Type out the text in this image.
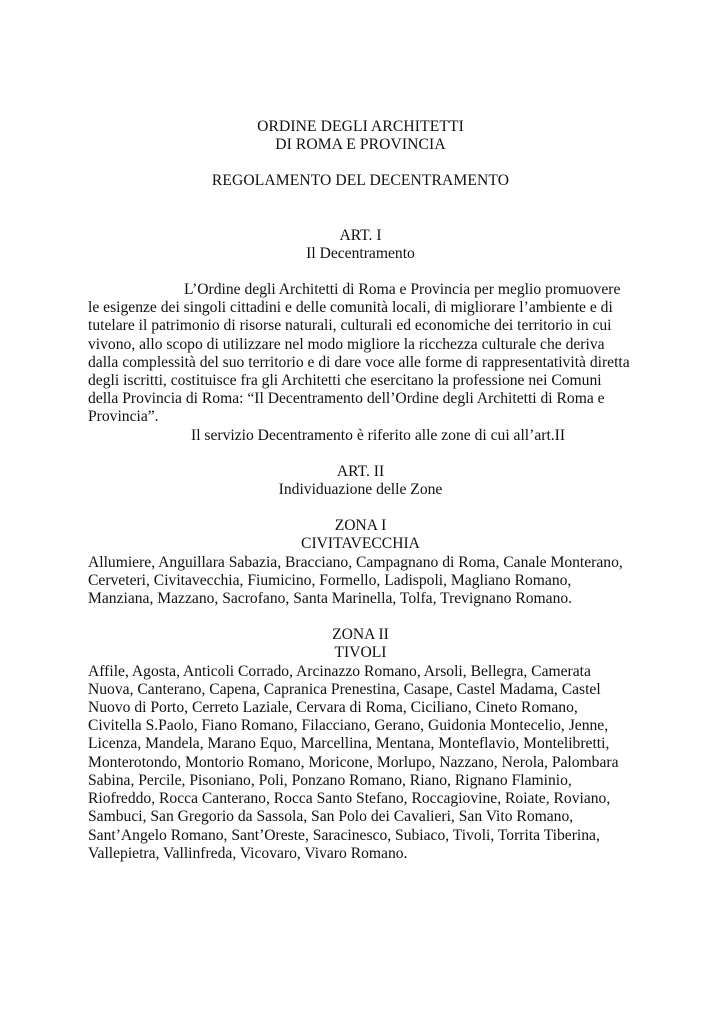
ORDINE DEGLI ARCHITETTI

DI ROMA E PROVINCIA

REGOLAMENTO DEL DECENTRAMENTO

ART. I

Il Decentramento

L’Ordine degli Architetti di Roma e Provincia per meglio promuovere le esigenze dei singoli cittadini e delle comunità locali, di migliorare l’ambiente e di tutelare il patrimonio di risorse naturali, culturali ed economiche dei territorio in cui vivono, allo scopo di utilizzare nel modo migliore la ricchezza culturale che deriva dalla complessità del suo territorio e di dare voce alle forme di rappresentatività diretta degli iscritti, costituisce fra gli Architetti che esercitano la professione nei Comuni della Provincia di Roma: “Il Decentramento dell’Ordine degli Architetti di Roma e Provincia”.

Il servizio Decentramento è riferito alle zone di cui all’art.II

ART. II

Individuazione delle Zone

ZONA I

CIVITAVECCHIA

Allumiere, Anguillara Sabazia, Bracciano, Campagnano di Roma, Canale Monterano, Cerveteri, Civitavecchia, Fiumicino, Formello, Ladispoli, Magliano Romano, Manziana, Mazzano, Sacrofano, Santa Marinella, Tolfa, Trevignano Romano.

ZONA II

TIVOLI

Affile, Agosta, Anticoli Corrado, Arcinazzo Romano, Arsoli, Bellegra, Camerata Nuova, Canterano, Capena, Capranica Prenestina, Casape, Castel Madama, Castel Nuovo di Porto, Cerreto Laziale, Cervara di Roma, Ciciliano, Cineto Romano, Civitella S.Paolo, Fiano Romano, Filacciano, Gerano, Guidonia Montecelio, Jenne, Licenza, Mandela, Marano Equo, Marcellina, Mentana, Monteflavio, Montelibretti, Monterotondo, Montorio Romano, Moricone, Morlupo, Nazzano, Nerola, Palombara Sabina, Percile, Pisoniano, Poli, Ponzano Romano, Riano, Rignano Flaminio, Riofreddo, Rocca Canterano, Rocca Santo Stefano, Roccagiovine, Roiate, Roviano, Sambuci, San Gregorio da Sassola, San Polo dei Cavalieri, San Vito Romano, Sant’Angelo Romano, Sant’Oreste, Saracinesco, Subiaco, Tivoli, Torrita Tiberina, Vallepietra, Vallinfreda, Vicovaro, Vivaro Romano.
